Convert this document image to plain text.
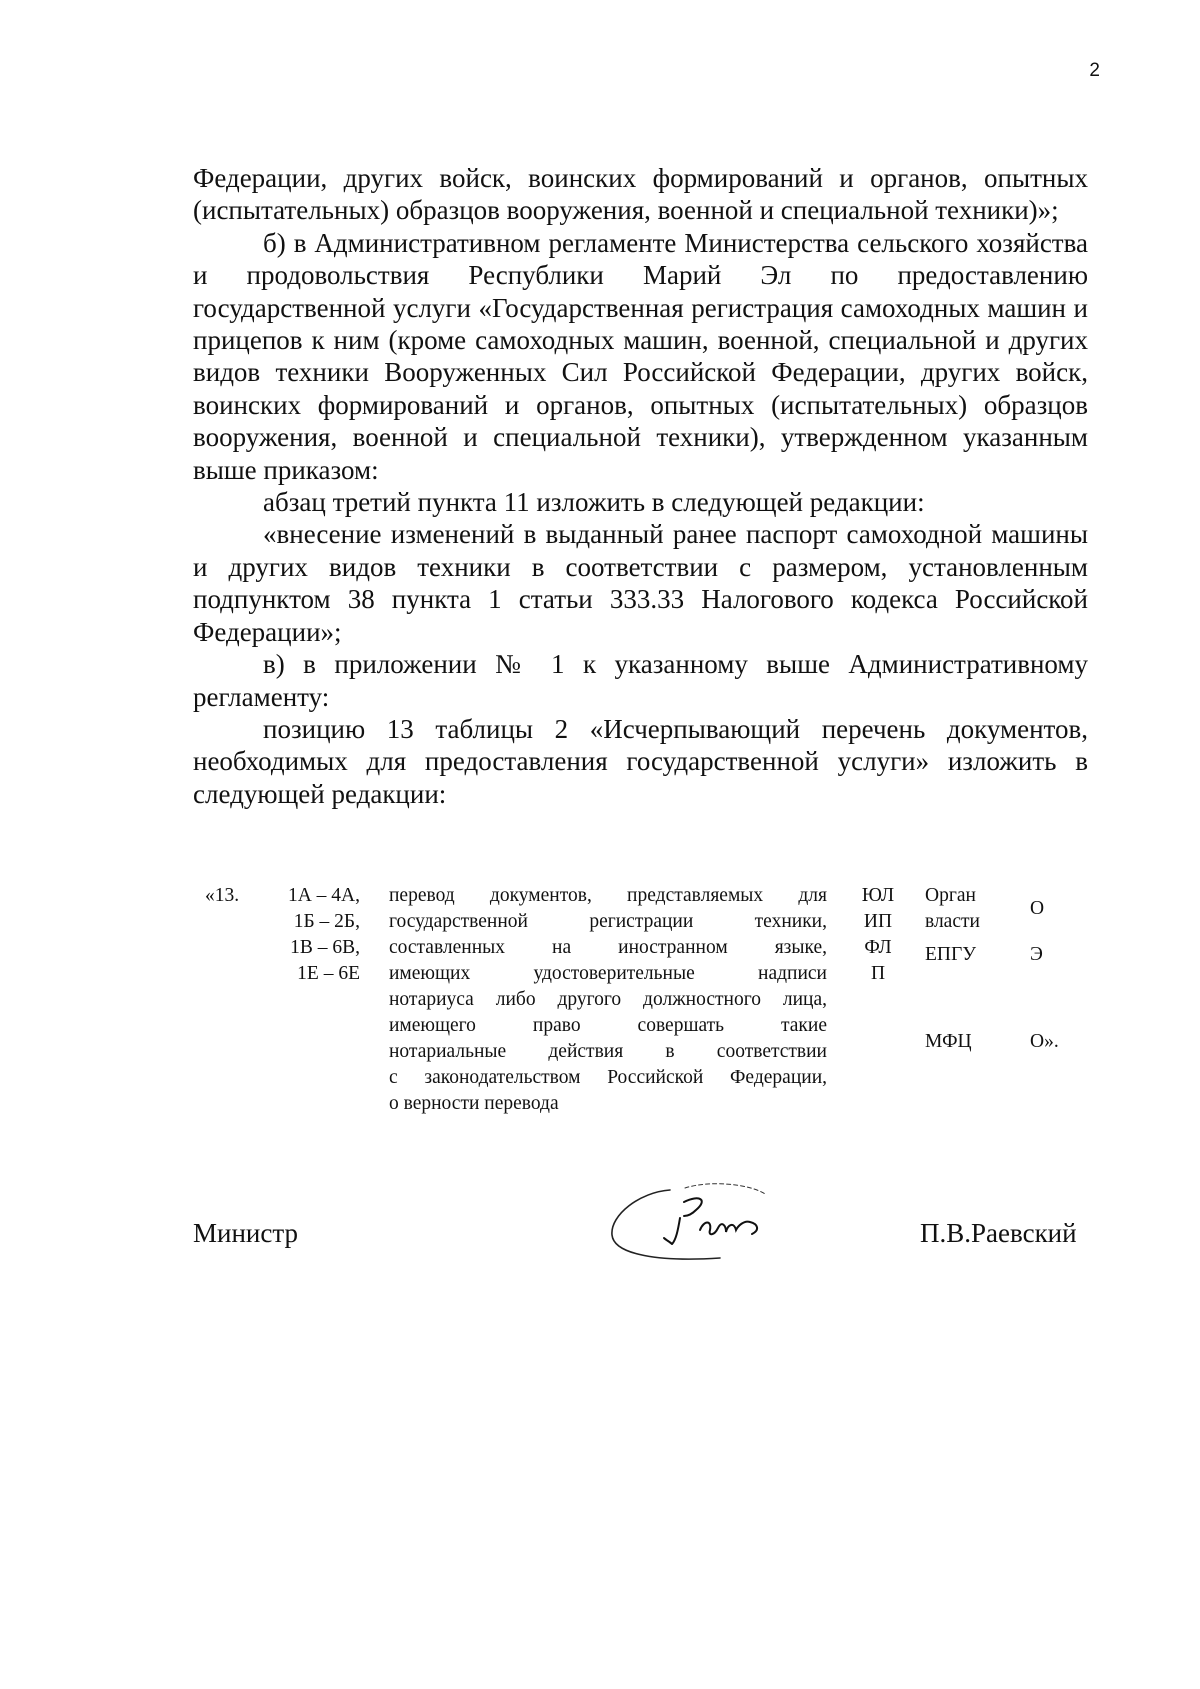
2

Федерации, других войск, воинских формирований и органов, опытных (испытательных) образцов вооружения, военной и специальной техники)»;

б) в Административном регламенте Министерства сельского хозяйства и продовольствия Республики Марий Эл по предоставлению государственной услуги «Государственная регистрация самоходных машин и прицепов к ним (кроме самоходных машин, военной, специальной и других видов техники Вооруженных Сил Российской Федерации, других войск, воинских формирований и органов, опытных (испытательных) образцов вооружения, военной и специальной техники), утвержденном указанным выше приказом:

абзац третий пункта 11 изложить в следующей редакции:

«внесение изменений в выданный ранее паспорт самоходной машины и других видов техники в соответствии с размером, установленным подпунктом 38 пункта 1 статьи 333.33 Налогового кодекса Российской Федерации»;

в) в приложении № 1 к указанному выше Административному регламенту:

позицию 13 таблицы 2 «Исчерпывающий перечень документов, необходимых для предоставления государственной услуги» изложить в следующей редакции:

«13.	1А – 4А,
1Б – 2Б,
1В – 6В,
1Е – 6Е
перевод документов, представляемых для
государственной регистрации техники,
составленных на иностранном языке,
имеющих удостоверительные надписи
нотариуса либо другого должностного лица,
имеющего право совершать такие
нотариальные действия в соответствии
с законодательством Российской Федерации,
о верности перевода
ЮЛ
ИП
ФЛ
П
Орган
власти
ЕПГУ
МФЦ
О
Э
О».
Министр	П.В.Раевский
